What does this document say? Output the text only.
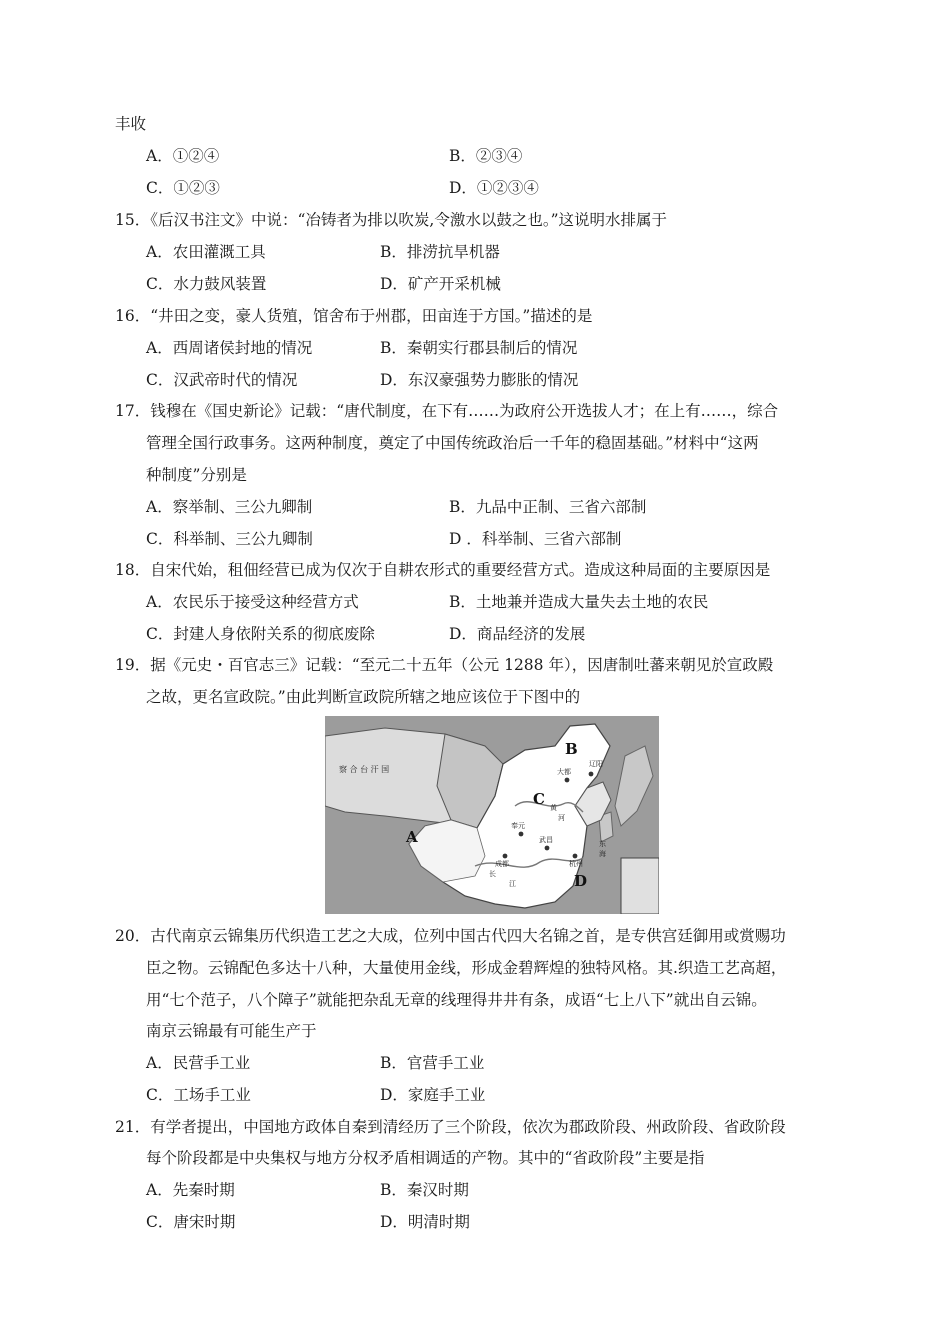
丰收
A．①②④	B．②③④
C．①②③	D．①②③④
15．《后汉书注文》中说：“冶铸者为排以吹炭,令激水以鼓之也。”这说明水排属于
A．农田灌溉工具	B．排涝抗旱机器
C．水力鼓风装置	D．矿产开采机械
16．“井田之变，豪人货殖，馆舍布于州郡，田亩连于方国。”描述的是
A．西周诸侯封地的情况	B．秦朝实行郡县制后的情况
C．汉武帝时代的情况	D．东汉豪强势力膨胀的情况
17．钱穆在《国史新论》记载：“唐代制度，在下有……为政府公开选拔人才；在上有……，综合
管理全国行政事务。这两种制度，奠定了中国传统政治后一千年的稳固基础。”材料中“这两
种制度”分别是
A．察举制、三公九卿制	B．九品中正制、三省六部制
C．科举制、三公九卿制	D ．科举制、三省六部制
18．自宋代始，租佃经营已成为仅次于自耕农形式的重要经营方式。造成这种局面的主要原因是
A．农民乐于接受这种经营方式	B．土地兼并造成大量失去土地的农民
C．封建人身依附关系的彻底废除	D．商品经济的发展
19．据《元史・百官志三》记载：“至元二十五年（公元 1288 年），因唐制吐蕃来朝见於宣政殿
之故，更名宣政院。”由此判断宣政院所辖之地应该位于下图中的
A
B
C
D
察 合 台 汗 国	大都
辽阳
黄
河
奉元
成都
武昌
杭州
长
江
东
海
20．古代南京云锦集历代织造工艺之大成，位列中国古代四大名锦之首，是专供宫廷御用或赏赐功
臣之物。云锦配色多达十八种，大量使用金线，形成金碧辉煌的独特风格。其.织造工艺高超，
用“七个范子，八个障子”就能把杂乱无章的线理得井井有条，成语“七上八下”就出自云锦。
南京云锦最有可能生产于
A．民营手工业	B．官营手工业
C．工场手工业	D．家庭手工业
21．有学者提出，中国地方政体自秦到清经历了三个阶段，依次为郡政阶段、州政阶段、省政阶段
每个阶段都是中央集权与地方分权矛盾相调适的产物。其中的“省政阶段”主要是指
A．先秦时期	B．秦汉时期
C．唐宋时期	D．明清时期
